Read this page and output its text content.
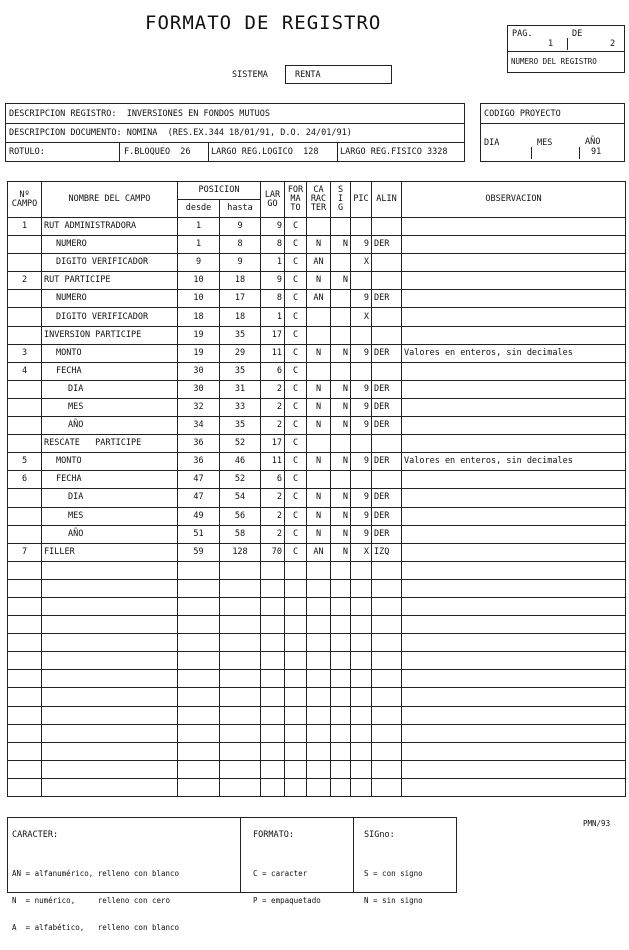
FORMATO DE REGISTRO	PAG.
1
DE
2
NUMERO DEL REGISTRO
SISTEMA	RENTA
DESCRIPCION REGISTRO:  INVERSIONES EN FONDOS MUTUOS
DESCRIPCION DOCUMENTO: NOMINA  (RES.EX.344 18/01/91, D.O. 24/01/91)
ROTULO:	F.BLOQUEO  26 LARGO REG.LOGICO  128	LARGO REG.FISICO 3328
CODIGO PROYECTO
DIA	MES	AÑO
91
Nº CAMPO	NOMBRE DEL CAMPO	POSICION		LAR GO	FOR MA TO	CA RAC TER	S I G	PIC	ALIN	OBSERVACION
		desde	hasta							
1	RUT ADMINISTRADORA	1	9	9	C					
	NUMERO	1	8	8	C	N	N	9	DER	
	DIGITO VERIFICADOR	9	9	1	C	AN		X		
2	RUT PARTICIPE	10	18	9	C	N	N			
	NUMERO	10	17	8	C	AN		9	DER	
	DIGITO VERIFICADOR	18	18	1	C			X		
	INVERSION PARTICIPE	19	35	17	C					
3	MONTO	19	29	11	C	N	N	9	DER	Valores en enteros, sin decimales
4	FECHA	30	35	6	C					
	DIA	30	31	2	C	N	N	9	DER	
	MES	32	33	2	C	N	N	9	DER	
	AÑO	34	35	2	C	N	N	9	DER	
	RESCATE   PARTICIPE	36	52	17	C					
5	MONTO	36	46	11	C	N	N	9	DER	Valores en enteros, sin decimales
6	FECHA	47	52	6	C					
	DIA	47	54	2	C	N	N	9	DER	
	MES	49	56	2	C	N	N	9	DER	
	AÑO	51	58	2	C	N	N	9	DER	
7	FILLER	59	128	70	C	AN	N	X	IZQ	

CARACTER:

AN = alfanumérico, relleno con blanco

N  = numérico,     relleno con cero

A  = alfabético,   relleno con blanco

FORMATO:

C = caracter

P = empaquetado

SIGno:

S = con signo

N = sin signo

PMN/93
